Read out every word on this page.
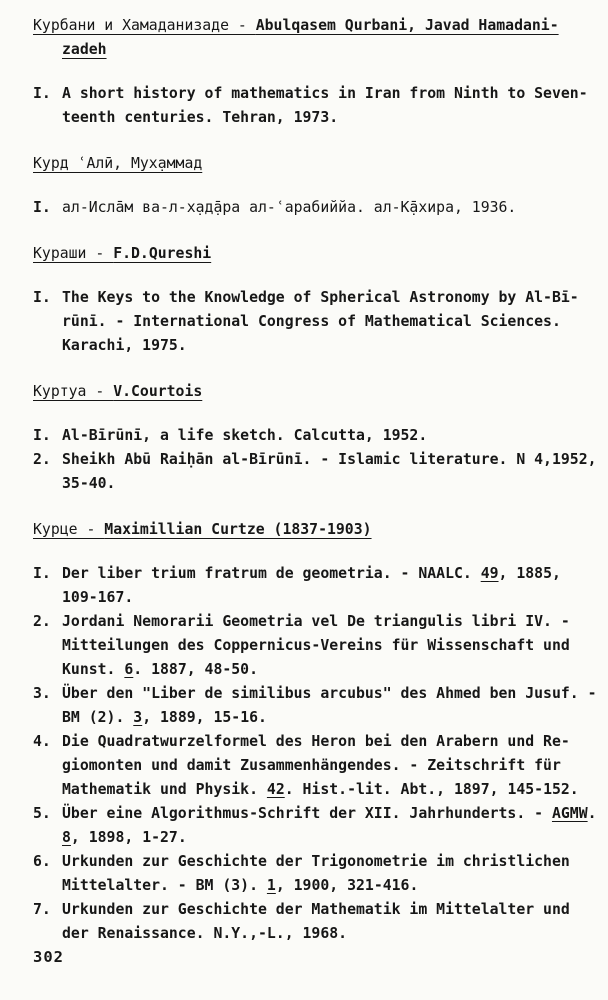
Курбани и Хамаданизаде - Abulqasem Qurbani, Javad Hamadani-
zadeh
I. A short history of mathematics in Iran from Ninth to Seven-
teenth centuries. Tehran, 1973.
Курд ʿАлӣ, Мух̣аммад
I. ал-Исла̄м ва-л-х̣ад̣а̄ра ал-ʿарабиййа. ал-К̣а̄хира, 1936.
Кураши - F.D.Qureshi
I. The Keys to the Knowledge of Spherical Astronomy by Al-Bī-
rūnī. - International Congress of Mathematical Sciences.
Karachi, 1975.
Куртуа - V.Courtois
I. Al-Bīrūnī, a life sketch. Calcutta, 1952.
2. Sheikh Abū Raiḥān al-Bīrūnī. - Islamic literature. N 4,1952,
35-40.
Курце - Maximillian Curtze (1837-1903)
I. Der liber trium fratrum de geometria. - NAALC. 49, 1885,
109-167.
2. Jordani Nemorarii Geometria vel De triangulis libri IV. -
Mitteilungen des Coppernicus-Vereins für Wissenschaft und
Kunst. 6. 1887, 48-50.
3. Über den "Liber de similibus arcubus" des Ahmed ben Jusuf. -
BM (2). 3, 1889, 15-16.
4. Die Quadratwurzelformel des Heron bei den Arabern und Re-
giomonten und damit Zusammenhängendes. - Zeitschrift für
Mathematik und Physik. 42. Hist.-lit. Abt., 1897, 145-152.
5. Über eine Algorithmus-Schrift der XII. Jahrhunderts. - AGMW.
8, 1898, 1-27.
6. Urkunden zur Geschichte der Trigonometrie im christlichen
Mittelalter. - BM (3). 1, 1900, 321-416.
7. Urkunden zur Geschichte der Mathematik im Mittelalter und
der Renaissance. N.Y.,-L., 1968.
302
